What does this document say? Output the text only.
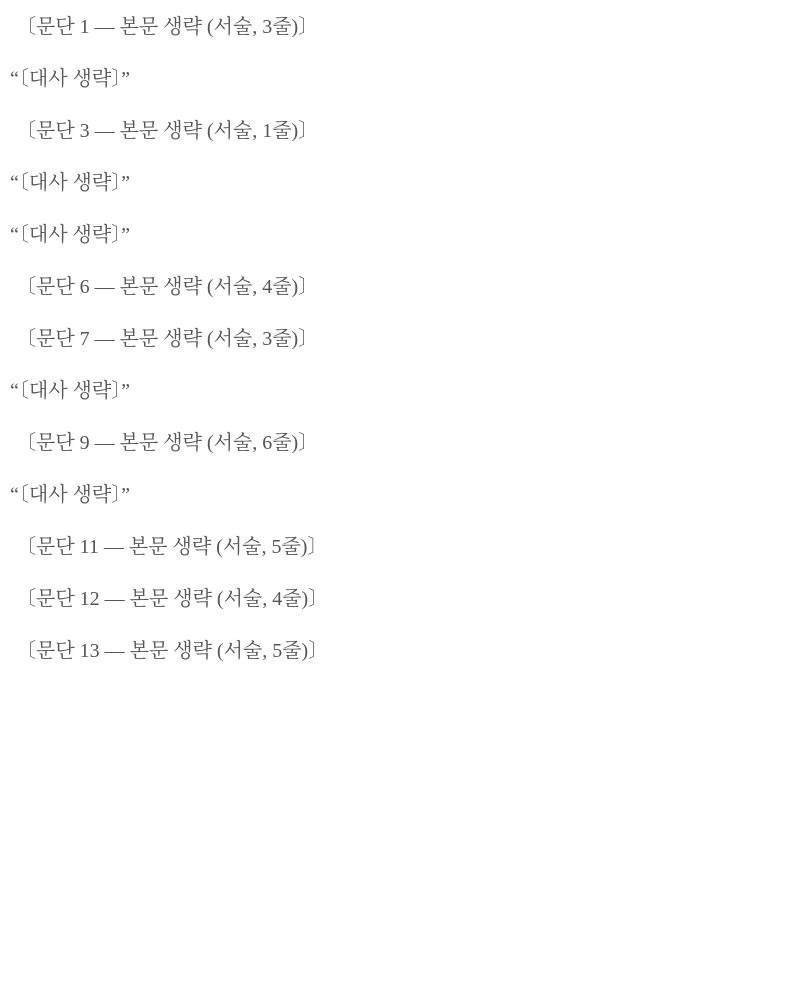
〔문단 1 — 본문 생략 (서술, 3줄)〕

“〔대사 생략〕”

〔문단 3 — 본문 생략 (서술, 1줄)〕

“〔대사 생략〕”

“〔대사 생략〕”

〔문단 6 — 본문 생략 (서술, 4줄)〕

〔문단 7 — 본문 생략 (서술, 3줄)〕

“〔대사 생략〕”

〔문단 9 — 본문 생략 (서술, 6줄)〕

“〔대사 생략〕”

〔문단 11 — 본문 생략 (서술, 5줄)〕

〔문단 12 — 본문 생략 (서술, 4줄)〕

〔문단 13 — 본문 생략 (서술, 5줄)〕
